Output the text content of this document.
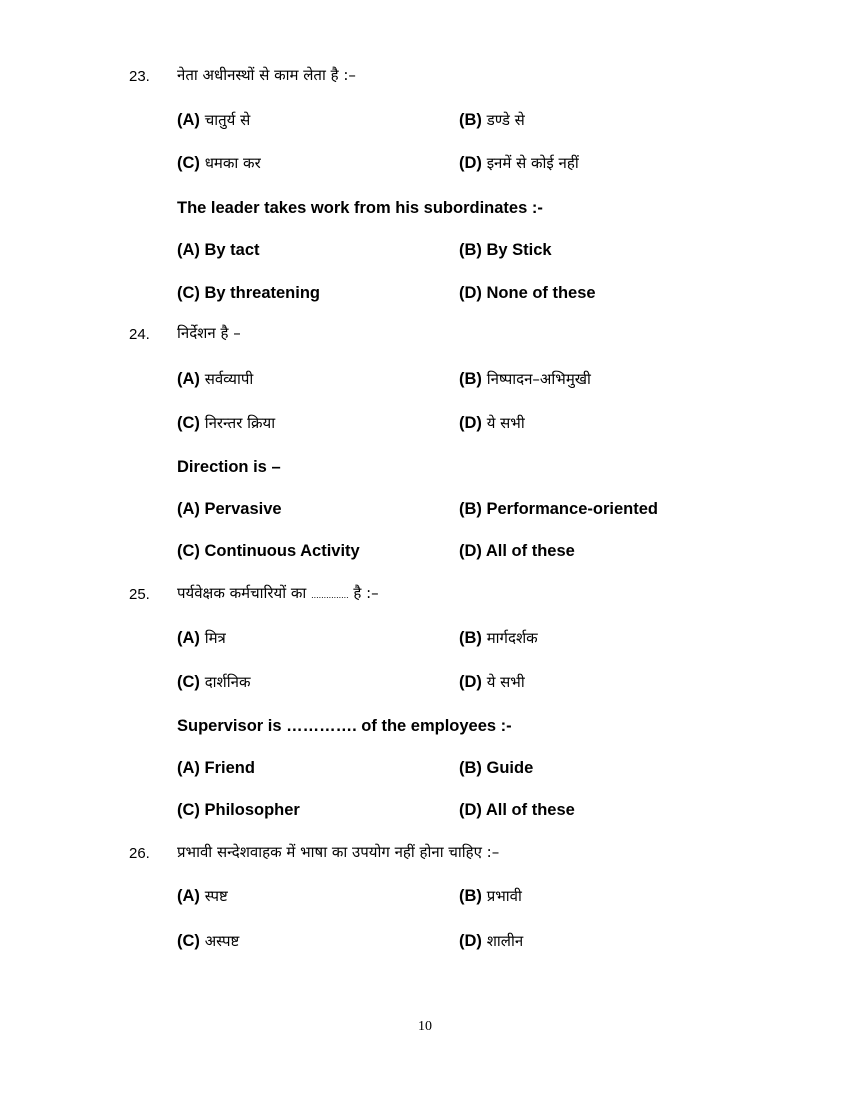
23. नेता अधीनस्थों से काम लेता है :–
(A) चातुर्य से	(B) डण्डे से
(C) धमका कर	(D) इनमें से कोई नहीं
The leader takes work from his subordinates :-
(A) By tact	(B) By Stick
(C) By threatening	(D) None of these
24. निर्देशन है –
(A) सर्वव्यापी	(B) निष्पादन–अभिमुखी
(C) निरन्तर क्रिया	(D) ये सभी
Direction is –
(A) Pervasive	(B) Performance-oriented
(C) Continuous Activity	(D) All of these
25. पर्यवेक्षक कर्मचारियों का ............... है :–
(A) मित्र	(B) मार्गदर्शक
(C) दार्शनिक	(D) ये सभी
Supervisor is …………. of the employees :-
(A) Friend	(B) Guide
(C) Philosopher	(D) All of these
26. प्रभावी सन्देशवाहक में भाषा का उपयोग नहीं होना चाहिए :–
(A) स्पष्ट	(B) प्रभावी
(C) अस्पष्ट	(D) शालीन
10
